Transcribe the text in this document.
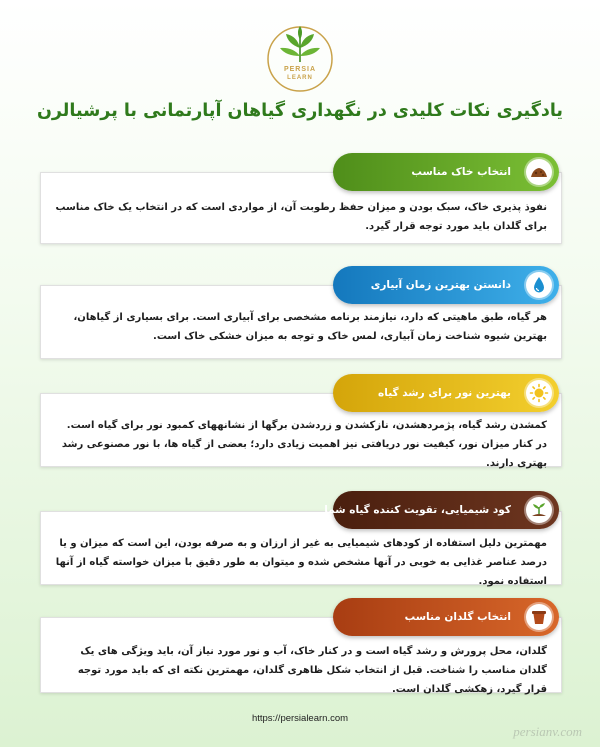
PERSIA
LEARN
یادگیری نکات کلیدی در نگهداری گیاهان آپارتمانی با پرشیالرن

نفوذ پذیری خاک، سبک بودن و میزان حفظ رطوبت آن، از مواردی است که در انتخاب یک خاک مناسب برای گلدان باید مورد توجه قرار گیرد.

انتخاب خاک مناسب

هر گیاه، طبق ماهیتی که دارد، نیازمند برنامه مشخصی برای آبیاری است. برای بسیاری از گیاهان، بهترین شیوه شناخت زمان آبیاری، لمس خاک و توجه به میزان خشکی خاک است.

دانستن بهترین زمان آبیاری

کمشدن رشد گیاه، پژمردهشدن، نازکشدن و زردشدن برگها از نشانههای کمبود نور برای گیاه است. در کنار میزان نور، کیفیت نور دریافتی نیز اهمیت زیادی دارد؛ بعضی از گیاه ها، با نور مصنوعی رشد بهتری دارند.

بهترین نور برای رشد گیاه

مهمترین دلیل استفاده از کودهای شیمیایی به غیر از ارزان و به صرفه بودن، این است که میزان و یا درصد عناصر غذایی به خوبی در آنها مشخص شده و میتوان به طور دقیق با میزان خواسته گیاه از آنها استفاده نمود.

کود شیمیایی، تقویت کننده گیاه شما

گلدان، محل پرورش و رشد گیاه است و در کنار خاک، آب و نور مورد نیاز آن، باید ویژگی های یک گلدان مناسب را شناخت. قبل از انتخاب شکل ظاهری گلدان، مهمترین نکته ای که باید مورد توجه قرار گیرد، زهکشی گلدان است.

انتخاب گلدان مناسب
https://persialearn.com
persianv.com
